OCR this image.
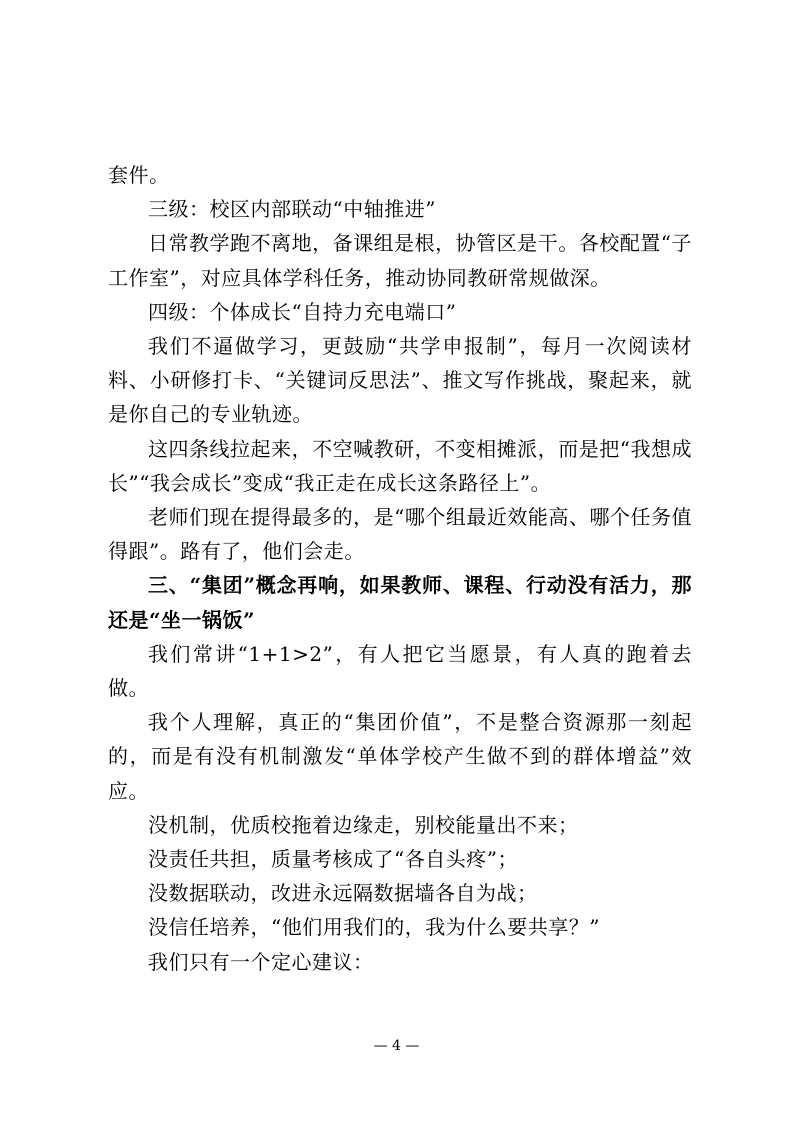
套件。

三级：校区内部联动“中轴推进”

日常教学跑不离地，备课组是根，协管区是干。各校配置“子工作室”，对应具体学科任务，推动协同教研常规做深。

四级：个体成长“自持力充电端口”

我们不逼做学习，更鼓励“共学申报制”，每月一次阅读材料、小研修打卡、“关键词反思法”、推文写作挑战，聚起来，就是你自己的专业轨迹。

这四条线拉起来，不空喊教研，不变相摊派，而是把“我想成长”“我会成长”变成“我正走在成长这条路径上”。

老师们现在提得最多的，是“哪个组最近效能高、哪个任务值得跟”。路有了，他们会走。

三、“集团”概念再响，如果教师、课程、行动没有活力，那还是“坐一锅饭”

我们常讲“1+1>2”，有人把它当愿景，有人真的跑着去做。

我个人理解，真正的“集团价值”，不是整合资源那一刻起的，而是有没有机制激发“单体学校产生做不到的群体增益”效应。

没机制，优质校拖着边缘走，别校能量出不来；

没责任共担，质量考核成了“各自头疼”；

没数据联动，改进永远隔数据墙各自为战；

没信任培养，“他们用我们的，我为什么要共享？”

我们只有一个定心建议：

— 4 —
